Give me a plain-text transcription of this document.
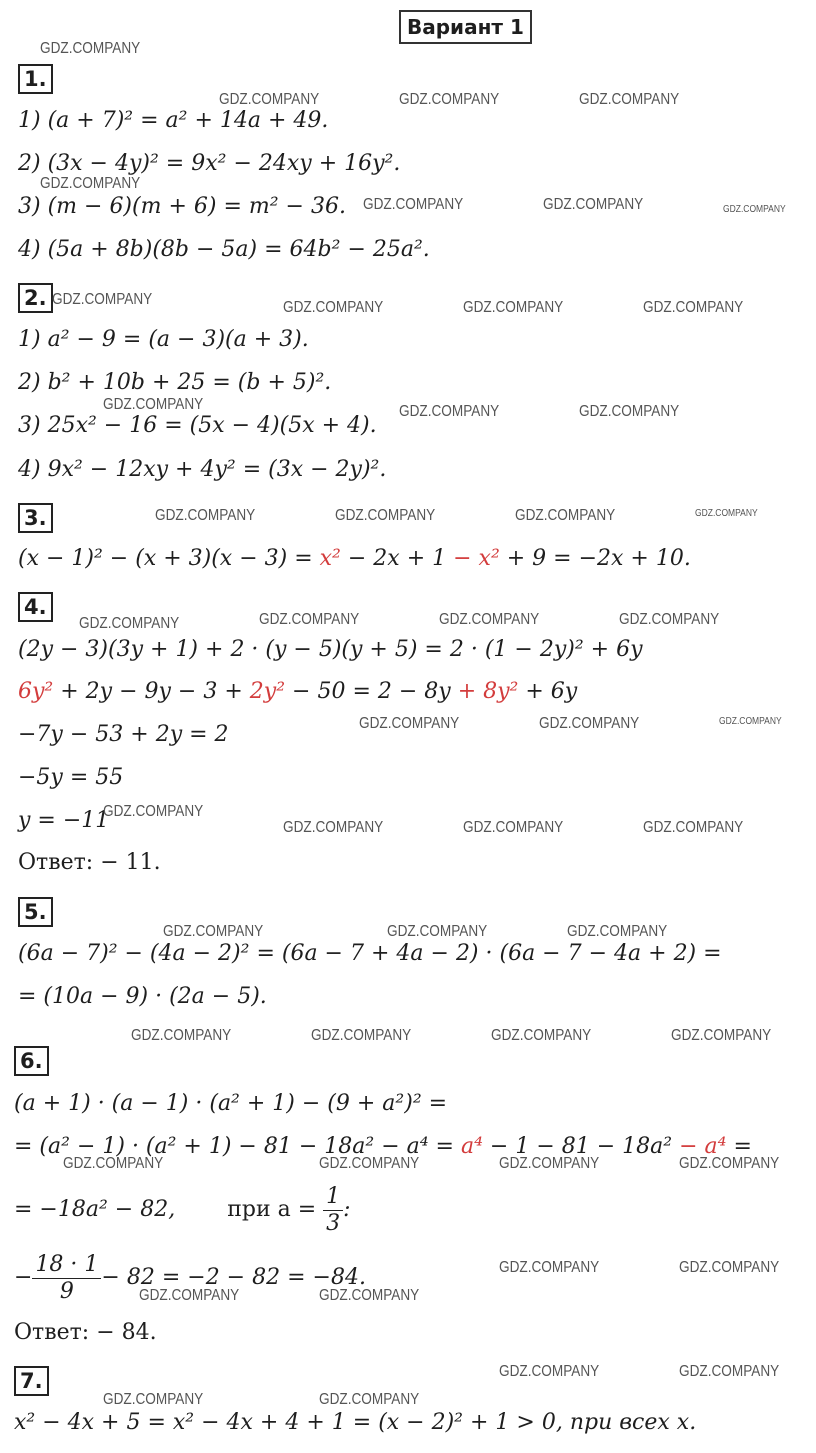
Вариант 1
1.
1) (a + 7)² = a² + 14a + 49.
2) (3x − 4y)² = 9x² − 24xy + 16y².
3) (m − 6)(m + 6) = m² − 36.
4) (5a + 8b)(8b − 5a) = 64b² − 25a².
2.
1) a² − 9 = (a − 3)(a + 3).
2) b² + 10b + 25 = (b + 5)².
3) 25x² − 16 = (5x − 4)(5x + 4).
4) 9x² − 12xy + 4y² = (3x − 2y)².
3.
(x − 1)² − (x + 3)(x − 3) = x² − 2x + 1 − x² + 9 = −2x + 10.
4.
(2y − 3)(3y + 1) + 2 · (y − 5)(y + 5) = 2 · (1 − 2y)² + 6y
6y² + 2y − 9y − 3 + 2y² − 50 = 2 − 8y + 8y² + 6y
−7y − 53 + 2y = 2
−5y = 55
y = −11
Ответ: − 11.
5.
(6a − 7)² − (4a − 2)² = (6a − 7 + 4a − 2) · (6a − 7 − 4a + 2) =
= (10a − 9) · (2a − 5).
6.
(a + 1) · (a − 1) · (a² + 1) − (9 + a²)² =
= (a² − 1) · (a² + 1) − 81 − 18a² − a⁴ = a⁴ − 1 − 81 − 18a² − a⁴ =
= −18a² − 82, при $a = \frac{1}{3}$ :
− $\frac{18 \cdot 1}{9} - 82 = -2 - 82 = -84$.
Ответ: − 84.
7.
x² − 4x + 5 = x² − 4x + 4 + 1 = (x − 2)² + 1 > 0, при всех x.
GDZ.COMPANY
GDZ.COMPANY	GDZ.COMPANY	GDZ.COMPANY
GDZ.COMPANY
GDZ.COMPANY	GDZ.COMPANY	GDZ.COMPANY
GDZ.COMPANY	GDZ.COMPANY	GDZ.COMPANY	GDZ.COMPANY
GDZ.COMPANY	GDZ.COMPANY	GDZ.COMPANY
GDZ.COMPANY	GDZ.COMPANY	GDZ.COMPANY	GDZ.COMPANY
GDZ.COMPANY	GDZ.COMPANY	GDZ.COMPANY	GDZ.COMPANY
GDZ.COMPANY	GDZ.COMPANY	GDZ.COMPANY
GDZ.COMPANY
GDZ.COMPANY	GDZ.COMPANY	GDZ.COMPANY
GDZ.COMPANY	GDZ.COMPANY	GDZ.COMPANY
GDZ.COMPANY	GDZ.COMPANY	GDZ.COMPANY	GDZ.COMPANY
GDZ.COMPANY	GDZ.COMPANY	GDZ.COMPANY	GDZ.COMPANY
GDZ.COMPANY	GDZ.COMPANY
GDZ.COMPANY	GDZ.COMPANY
GDZ.COMPANY	GDZ.COMPANY
GDZ.COMPANY	GDZ.COMPANY
